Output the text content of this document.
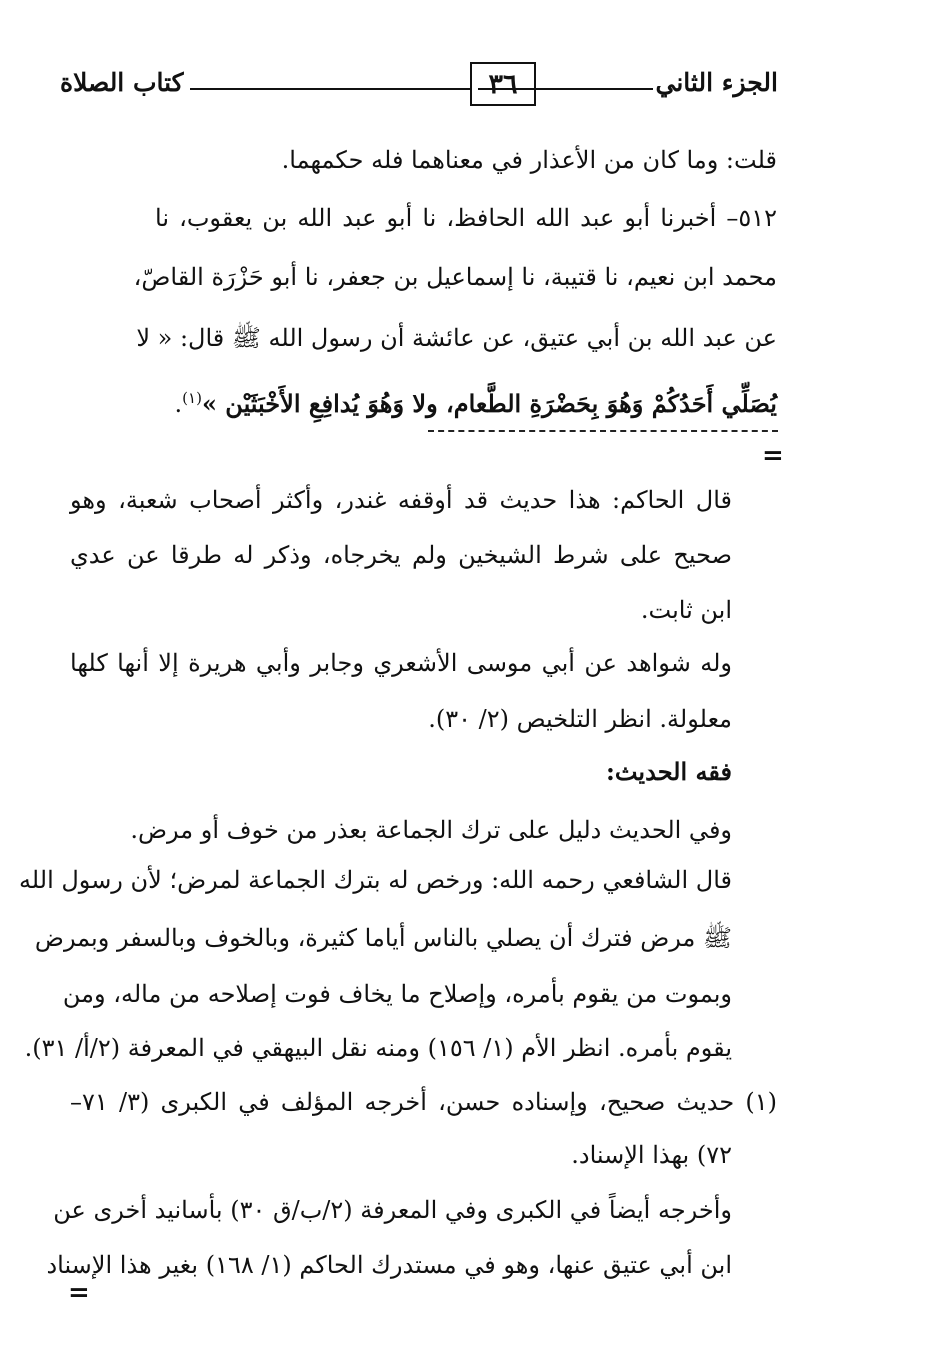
الجزء الثاني
٣٦
كتاب الصلاة
قلت: وما كان من الأعذار في معناهما فله حكمهما.
٥١٢– أخبرنا أبو عبد الله الحافظ، نا أبو عبد الله بن يعقوب، نا
محمد ابن نعيم، نا قتيبة، نا إسماعيل بن جعفر، نا أبو حَزْرَة القاصّ،
عن عبد الله بن أبي عتيق، عن عائشة أن رسول الله ﷺ قال: « لا
يُصَلِّي أَحَدُكُمْ وَهُوَ بِحَضْرَةِ الطَّعام، ولا وَهُوَ يُدافِعِ الأَخْبَثَيْن »$^{(١)}$.
=
قال الحاكم: هذا حديث قد أوقفه غندر، وأكثر أصحاب شعبة، وهو
صحيح على شرط الشيخين ولم يخرجاه، وذكر له طرقا عن عدي
ابن ثابت.
وله شواهد عن أبي موسى الأشعري وجابر وأبي هريرة إلا أنها كلها
معلولة. انظر التلخيص (٢/ ٣٠).
فقه الحديث:
وفي الحديث دليل على ترك الجماعة بعذر من خوف أو مرض.
قال الشافعي رحمه الله: ورخص له بترك الجماعة لمرض؛ لأن رسول الله
ﷺ مرض فترك أن يصلي بالناس أياما كثيرة، وبالخوف وبالسفر وبمرض
وبموت من يقوم بأمره، وإصلاح ما يخاف فوت إصلاحه من ماله، ومن
يقوم بأمره. انظر الأم (١/ ١٥٦) ومنه نقل البيهقي في المعرفة (٢/أ/ ٣١).
(١) حديث صحيح، وإسناده حسن، أخرجه المؤلف في الكبرى (٣/ ٧١–
٧٢) بهذا الإسناد.
وأخرجه أيضاً في الكبرى وفي المعرفة (٢/ب/ق ٣٠) بأسانيد أخرى عن
ابن أبي عتيق عنها، وهو في مستدرك الحاكم (١/ ١٦٨) بغير هذا الإسناد
=
